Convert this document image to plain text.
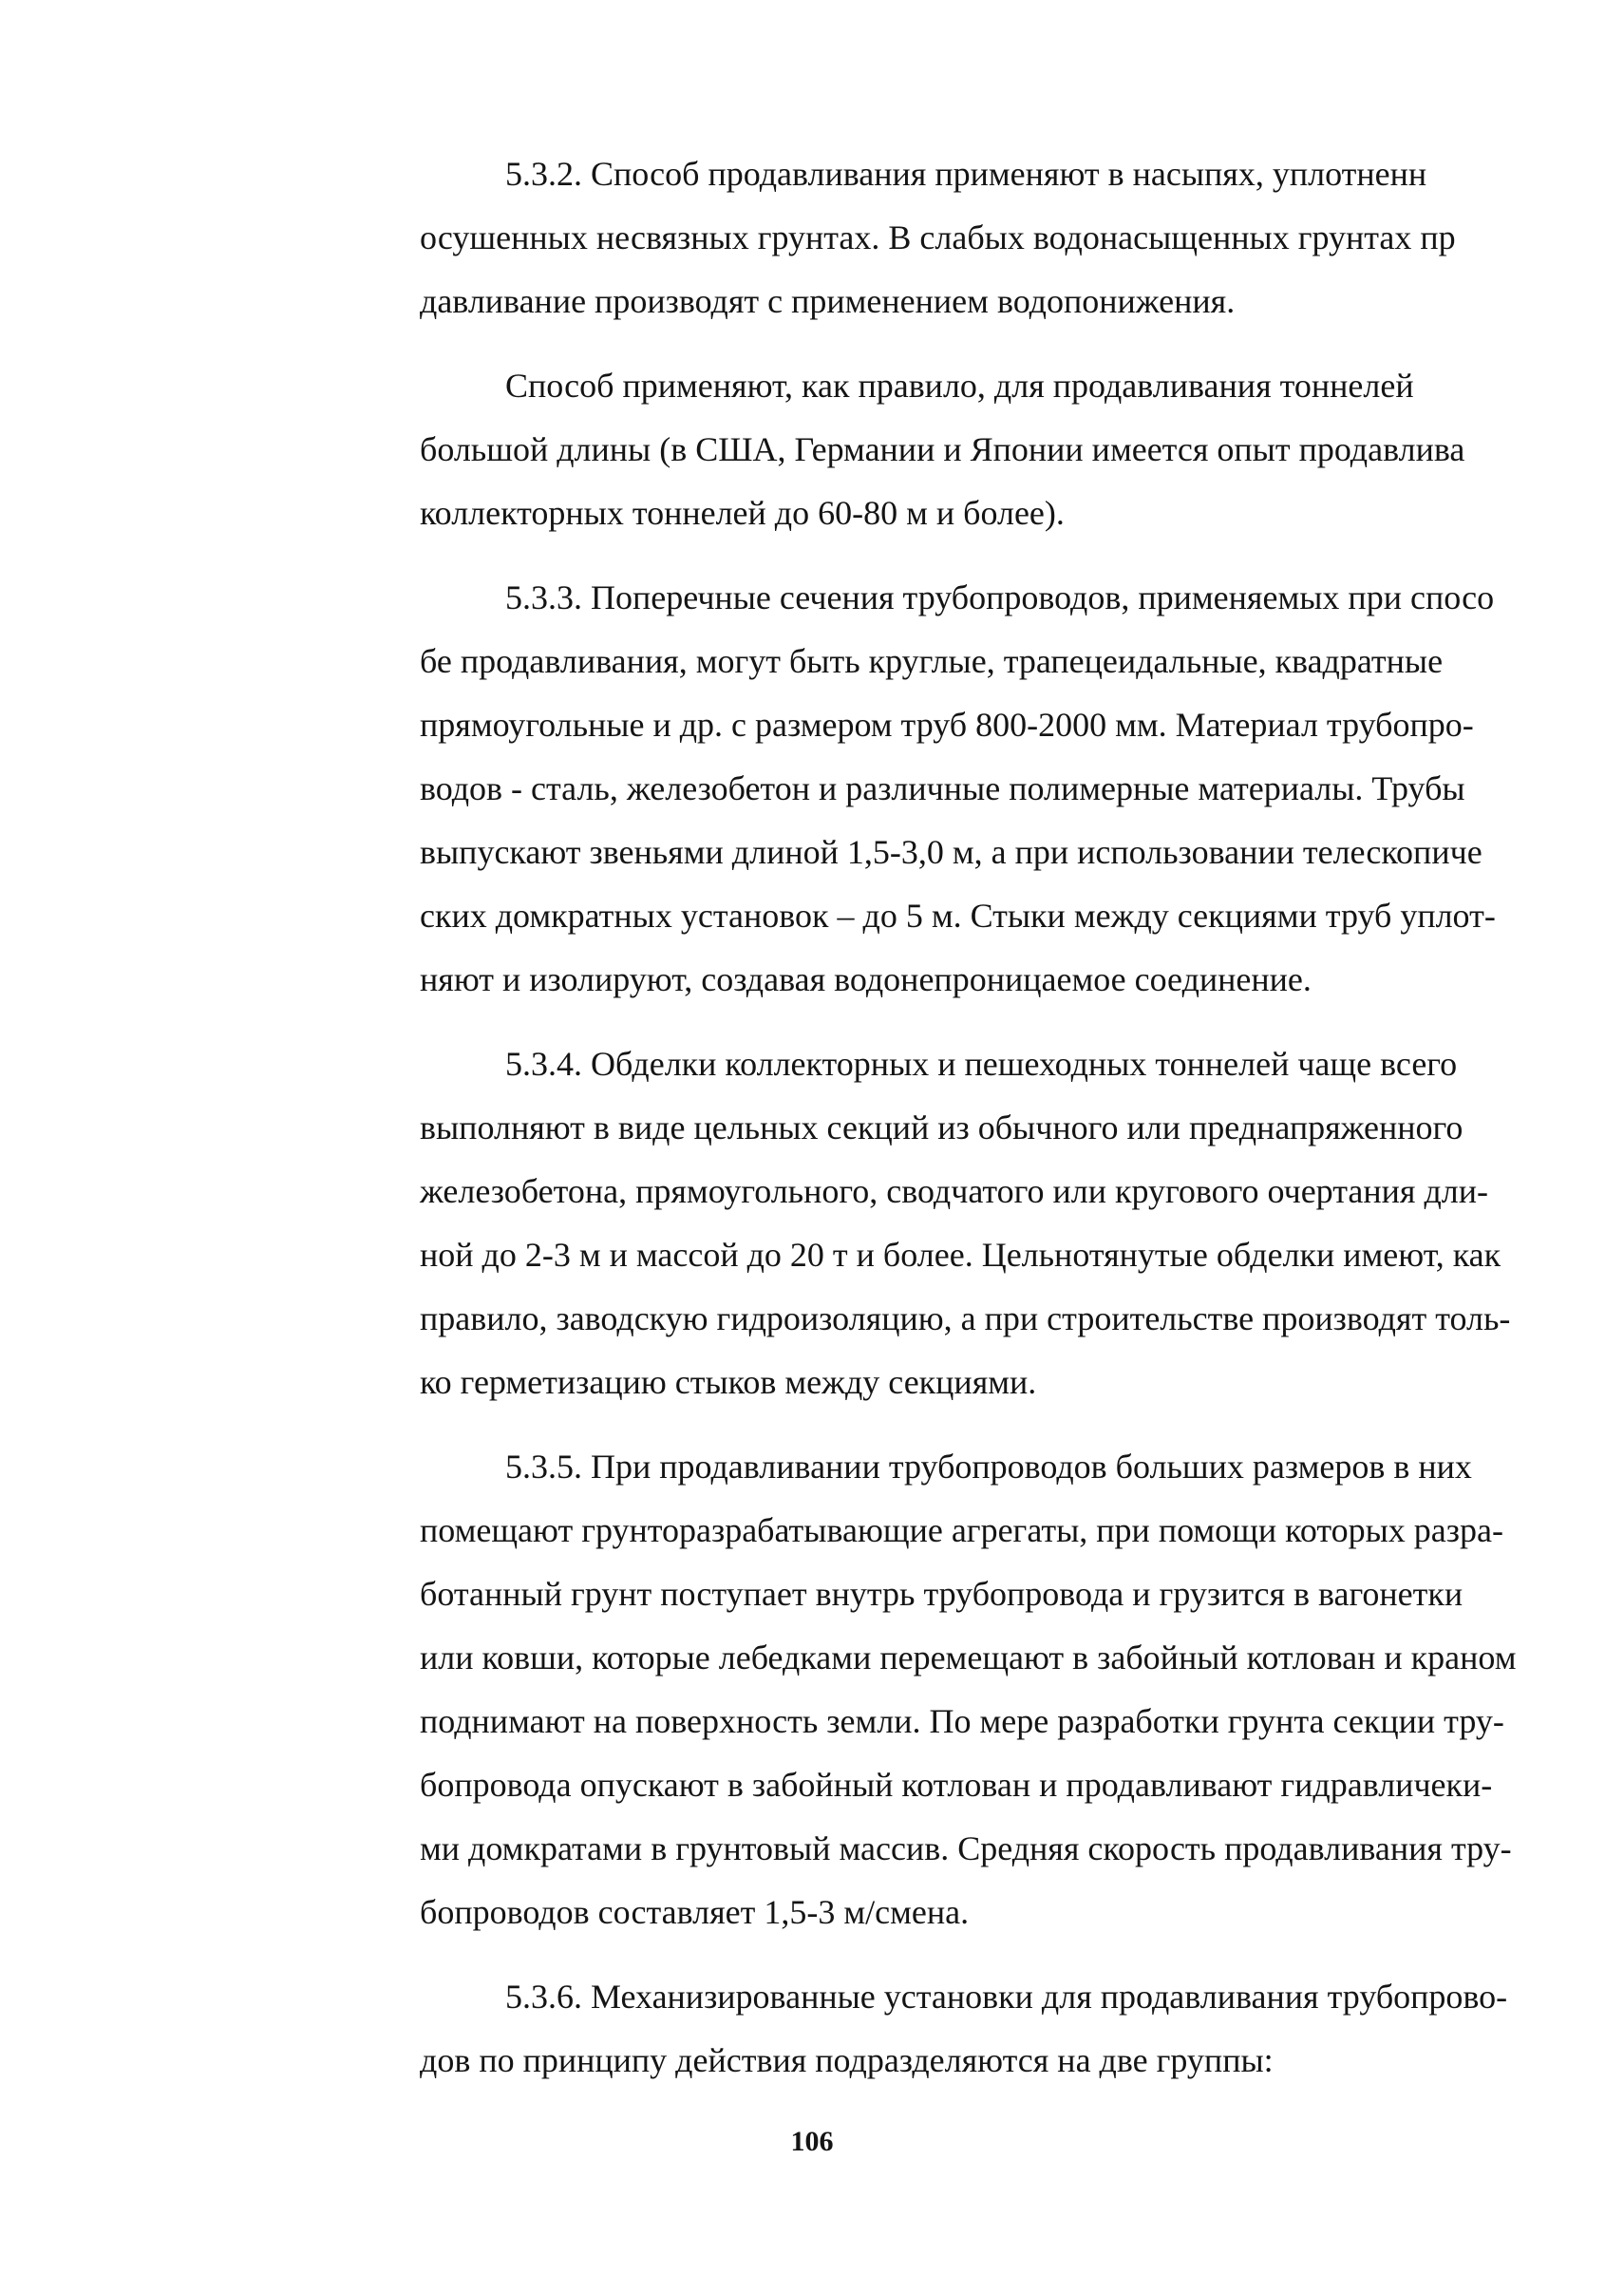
5.3.2. Способ продавливания применяют в насыпях, уплотненн
осушенных несвязных грунтах. В слабых водонасыщенных грунтах пр
давливание производят с применением водопонижения.
Способ применяют, как правило, для продавливания тоннелей
большой длины (в США, Германии и Японии имеется опыт продавлива
коллекторных тоннелей до 60-80 м и более).
5.3.3. Поперечные сечения трубопроводов, применяемых при спосо
бе продавливания, могут быть круглые, трапецеидальные, квадратные
прямоугольные и др. с размером труб 800-2000 мм. Материал трубопро-
водов - сталь, железобетон и различные полимерные материалы. Трубы
выпускают звеньями длиной 1,5-3,0 м, а при использовании телескопиче
ских домкратных установок – до 5 м. Стыки между секциями труб уплот-
няют и изолируют, создавая водонепроницаемое соединение.
5.3.4. Обделки коллекторных и пешеходных тоннелей чаще всего
выполняют в виде цельных секций из обычного или преднапряженного
железобетона, прямоугольного, сводчатого или кругового очертания дли-
ной до 2-3 м и массой до 20 т и более. Цельнотянутые обделки имеют, как
правило, заводскую гидроизоляцию, а при строительстве производят толь-
ко герметизацию стыков между секциями.
5.3.5. При продавливании трубопроводов больших размеров в них
помещают грунторазрабатывающие агрегаты, при помощи которых разра-
ботанный грунт поступает внутрь трубопровода и грузится в вагонетки
или ковши, которые лебедками перемещают в забойный котлован и краном
поднимают на поверхность земли. По мере разработки грунта секции тру-
бопровода опускают в забойный котлован и продавливают гидравличеки-
ми домкратами в грунтовый массив. Средняя скорость продавливания тру-
бопроводов составляет 1,5-3 м/смена.
5.3.6. Механизированные установки для продавливания трубопрово-
дов по принципу действия подразделяются на две группы:
106
